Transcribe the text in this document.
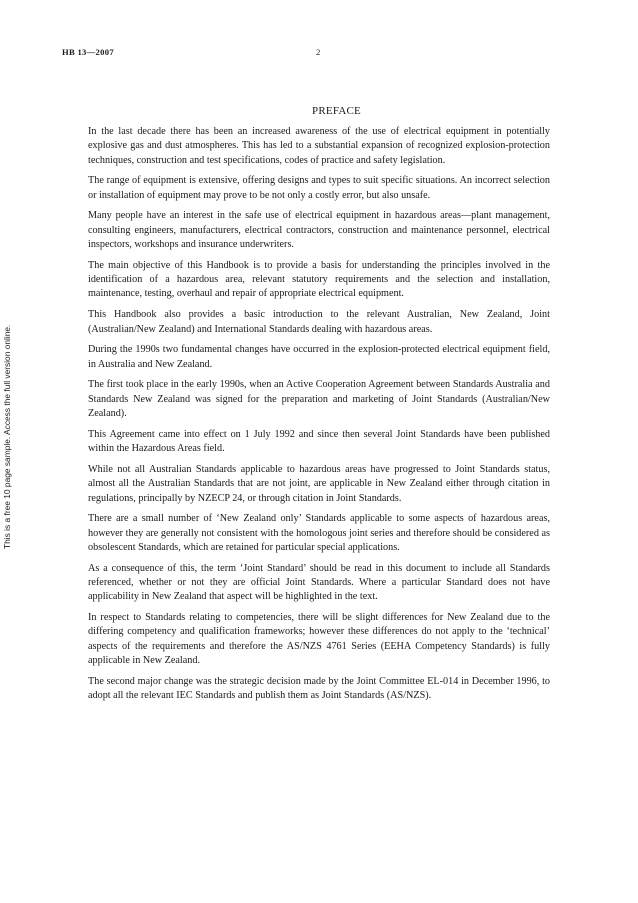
HB 13—2007	2
This is a free 10 page sample. Access the full version online.
PREFACE

In the last decade there has been an increased awareness of the use of electrical equipment in potentially explosive gas and dust atmospheres. This has led to a substantial expansion of recognized explosion-protection techniques, construction and test specifications, codes of practice and safety legislation.

The range of equipment is extensive, offering designs and types to suit specific situations. An incorrect selection or installation of equipment may prove to be not only a costly error, but also unsafe.

Many people have an interest in the safe use of electrical equipment in hazardous areas—plant management, consulting engineers, manufacturers, electrical contractors, construction and maintenance personnel, electrical inspectors, workshops and insurance underwriters.

The main objective of this Handbook is to provide a basis for understanding the principles involved in the identification of a hazardous area, relevant statutory requirements and the selection and installation, maintenance, testing, overhaul and repair of appropriate electrical equipment.

This Handbook also provides a basic introduction to the relevant Australian, New Zealand, Joint (Australian/New Zealand) and International Standards dealing with hazardous areas.

During the 1990s two fundamental changes have occurred in the explosion-protected electrical equipment field, in Australia and New Zealand.

The first took place in the early 1990s, when an Active Cooperation Agreement between Standards Australia and Standards New Zealand was signed for the preparation and marketing of Joint Standards (Australian/New Zealand).

This Agreement came into effect on 1 July 1992 and since then several Joint Standards have been published within the Hazardous Areas field.

While not all Australian Standards applicable to hazardous areas have progressed to Joint Standards status, almost all the Australian Standards that are not joint, are applicable in New Zealand either through citation in regulations, principally by NZECP 24, or through citation in Joint Standards.

There are a small number of ‘New Zealand only’ Standards applicable to some aspects of hazardous areas, however they are generally not consistent with the homologous joint series and therefore should be considered as obsolescent Standards, which are retained for particular special applications.

As a consequence of this, the term ‘Joint Standard’ should be read in this document to include all Standards referenced, whether or not they are official Joint Standards. Where a particular Standard does not have applicability in New Zealand that aspect will be highlighted in the text.

In respect to Standards relating to competencies, there will be slight differences for New Zealand due to the differing competency and qualification frameworks; however these differences do not apply to the ‘technical’ aspects of the requirements and therefore the AS/NZS 4761 Series (EEHA Competency Standards) is fully applicable in New Zealand.

The second major change was the strategic decision made by the Joint Committee EL-014 in December 1996, to adopt all the relevant IEC Standards and publish them as Joint Standards (AS/NZS).
